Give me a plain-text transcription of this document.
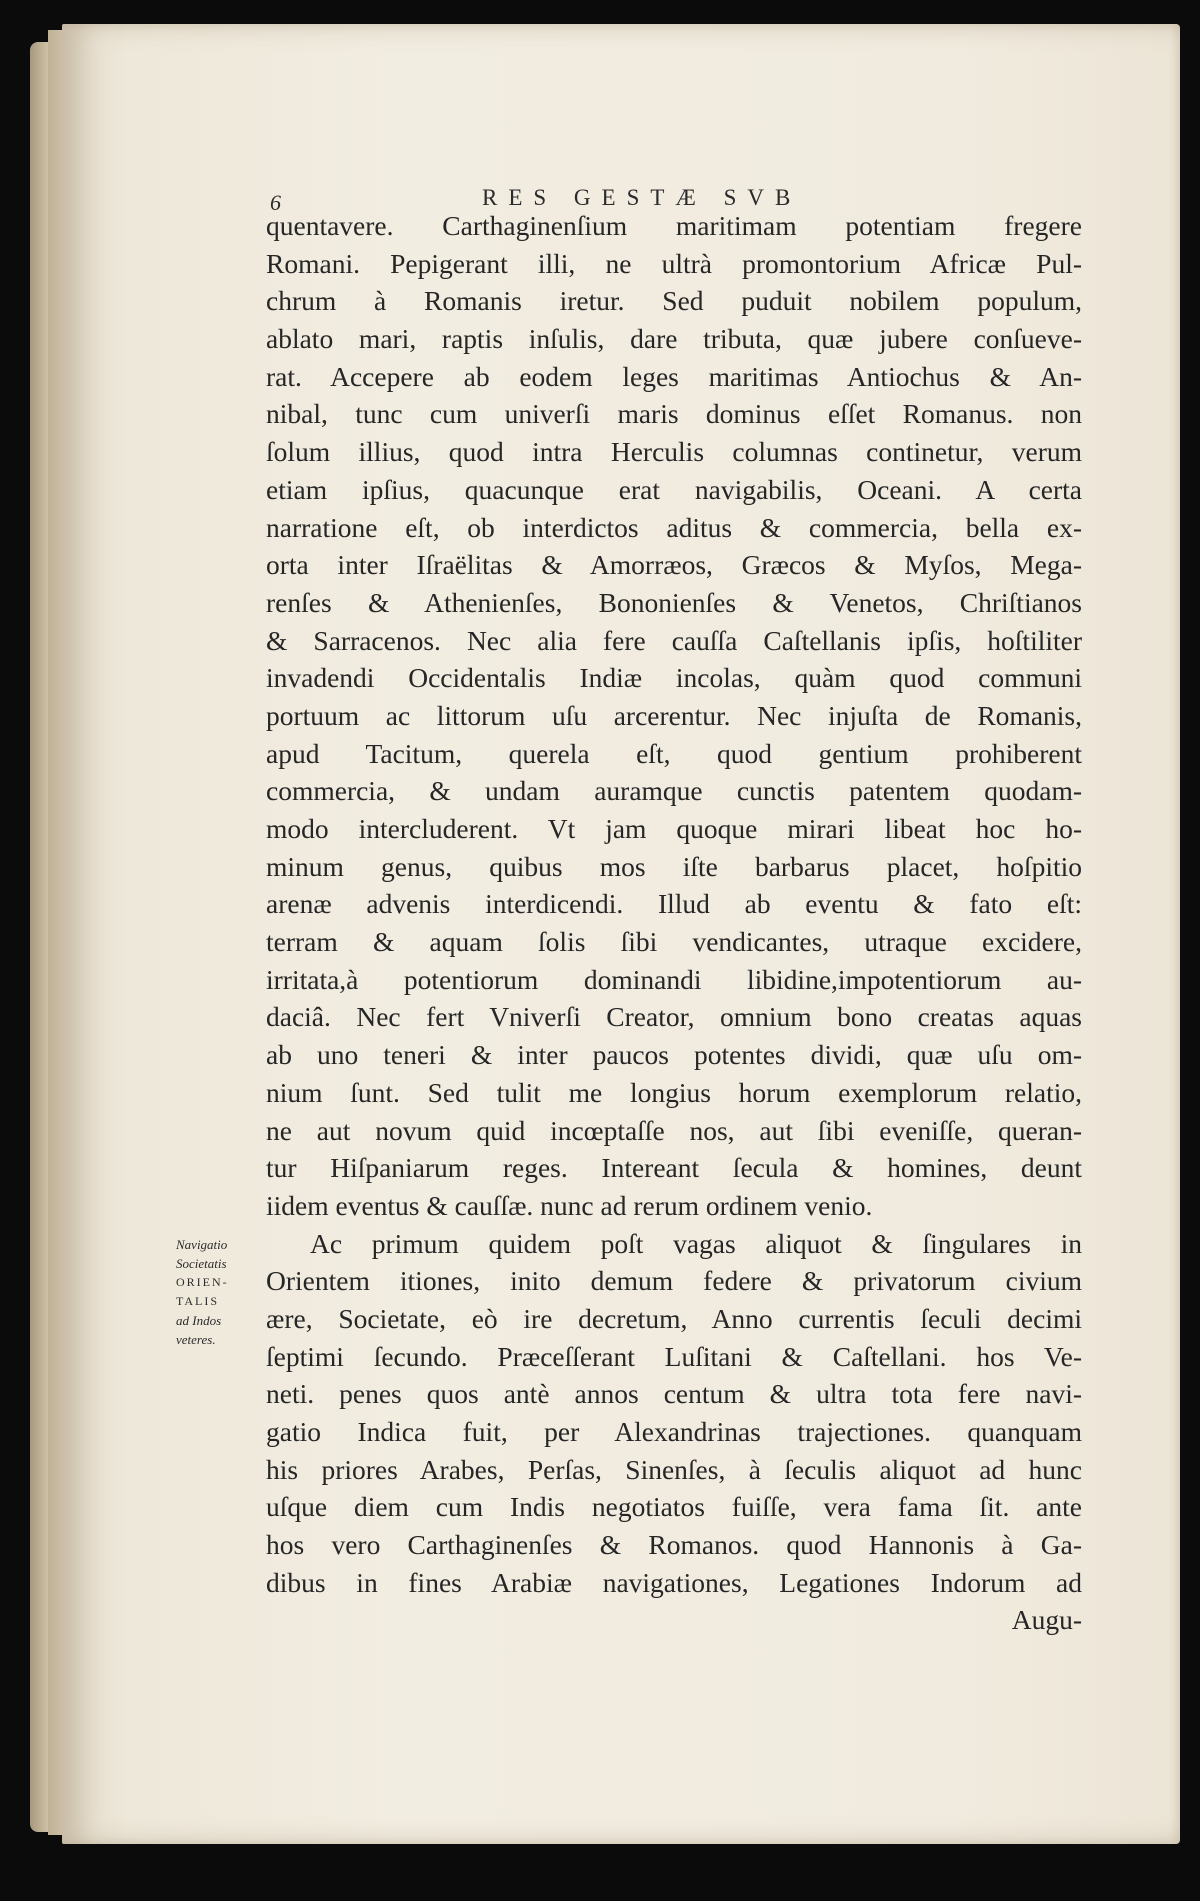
6	RES GESTÆ SVB
Navigatio
Societatis
ORIEN-
TALIS
ad Indos
veteres.
quentavere. Carthaginenſium maritimam potentiam fregere
Romani. Pepigerant illi, ne ultrà promontorium Africæ Pul-
chrum à Romanis iretur. Sed puduit nobilem populum,
ablato mari, raptis inſulis, dare tributa, quæ jubere conſueve-
rat. Accepere ab eodem leges maritimas Antiochus & An-
nibal, tunc cum univerſi maris dominus eſſet Romanus. non
ſolum illius, quod intra Herculis columnas continetur, verum
etiam ipſius, quacunque erat navigabilis, Oceani. A certa
narratione eſt, ob interdictos aditus & commercia, bella ex-
orta inter Iſraëlitas & Amorræos, Græcos & Myſos, Mega-
renſes & Athenienſes, Bononienſes & Venetos, Chriſtianos
& Sarracenos. Nec alia fere cauſſa Caſtellanis ipſis, hoſtiliter
invadendi Occidentalis Indiæ incolas, quàm quod communi
portuum ac littorum uſu arcerentur. Nec injuſta de Romanis,
apud Tacitum, querela eſt, quod gentium prohiberent
commercia, & undam auramque cunctis patentem quodam-
modo intercluderent. Vt jam quoque mirari libeat hoc ho-
minum genus, quibus mos iſte barbarus placet, hoſpitio
arenæ advenis interdicendi. Illud ab eventu & fato eſt:
terram & aquam ſolis ſibi vendicantes, utraque excidere,
irritata,à potentiorum dominandi libidine,impotentiorum au-
daciâ. Nec fert Vniverſi Creator, omnium bono creatas aquas
ab uno teneri & inter paucos potentes dividi, quæ uſu om-
nium ſunt. Sed tulit me longius horum exemplorum relatio,
ne aut novum quid incœptaſſe nos, aut ſibi eveniſſe, queran-
tur Hiſpaniarum reges. Intereant ſecula & homines, deunt
iidem eventus & cauſſæ. nunc ad rerum ordinem venio.
Ac primum quidem poſt vagas aliquot & ſingulares in
Orientem itiones, inito demum federe & privatorum civium
ære, Societate, eò ire decretum, Anno currentis ſeculi decimi
ſeptimi ſecundo. Præceſſerant Luſitani & Caſtellani. hos Ve-
neti. penes quos antè annos centum & ultra tota fere navi-
gatio Indica fuit, per Alexandrinas trajectiones. quanquam
his priores Arabes, Perſas, Sinenſes, à ſeculis aliquot ad hunc
uſque diem cum Indis negotiatos fuiſſe, vera fama ſit. ante
hos vero Carthaginenſes & Romanos. quod Hannonis à Ga-
dibus in fines Arabiæ navigationes, Legationes Indorum ad
Augu-
